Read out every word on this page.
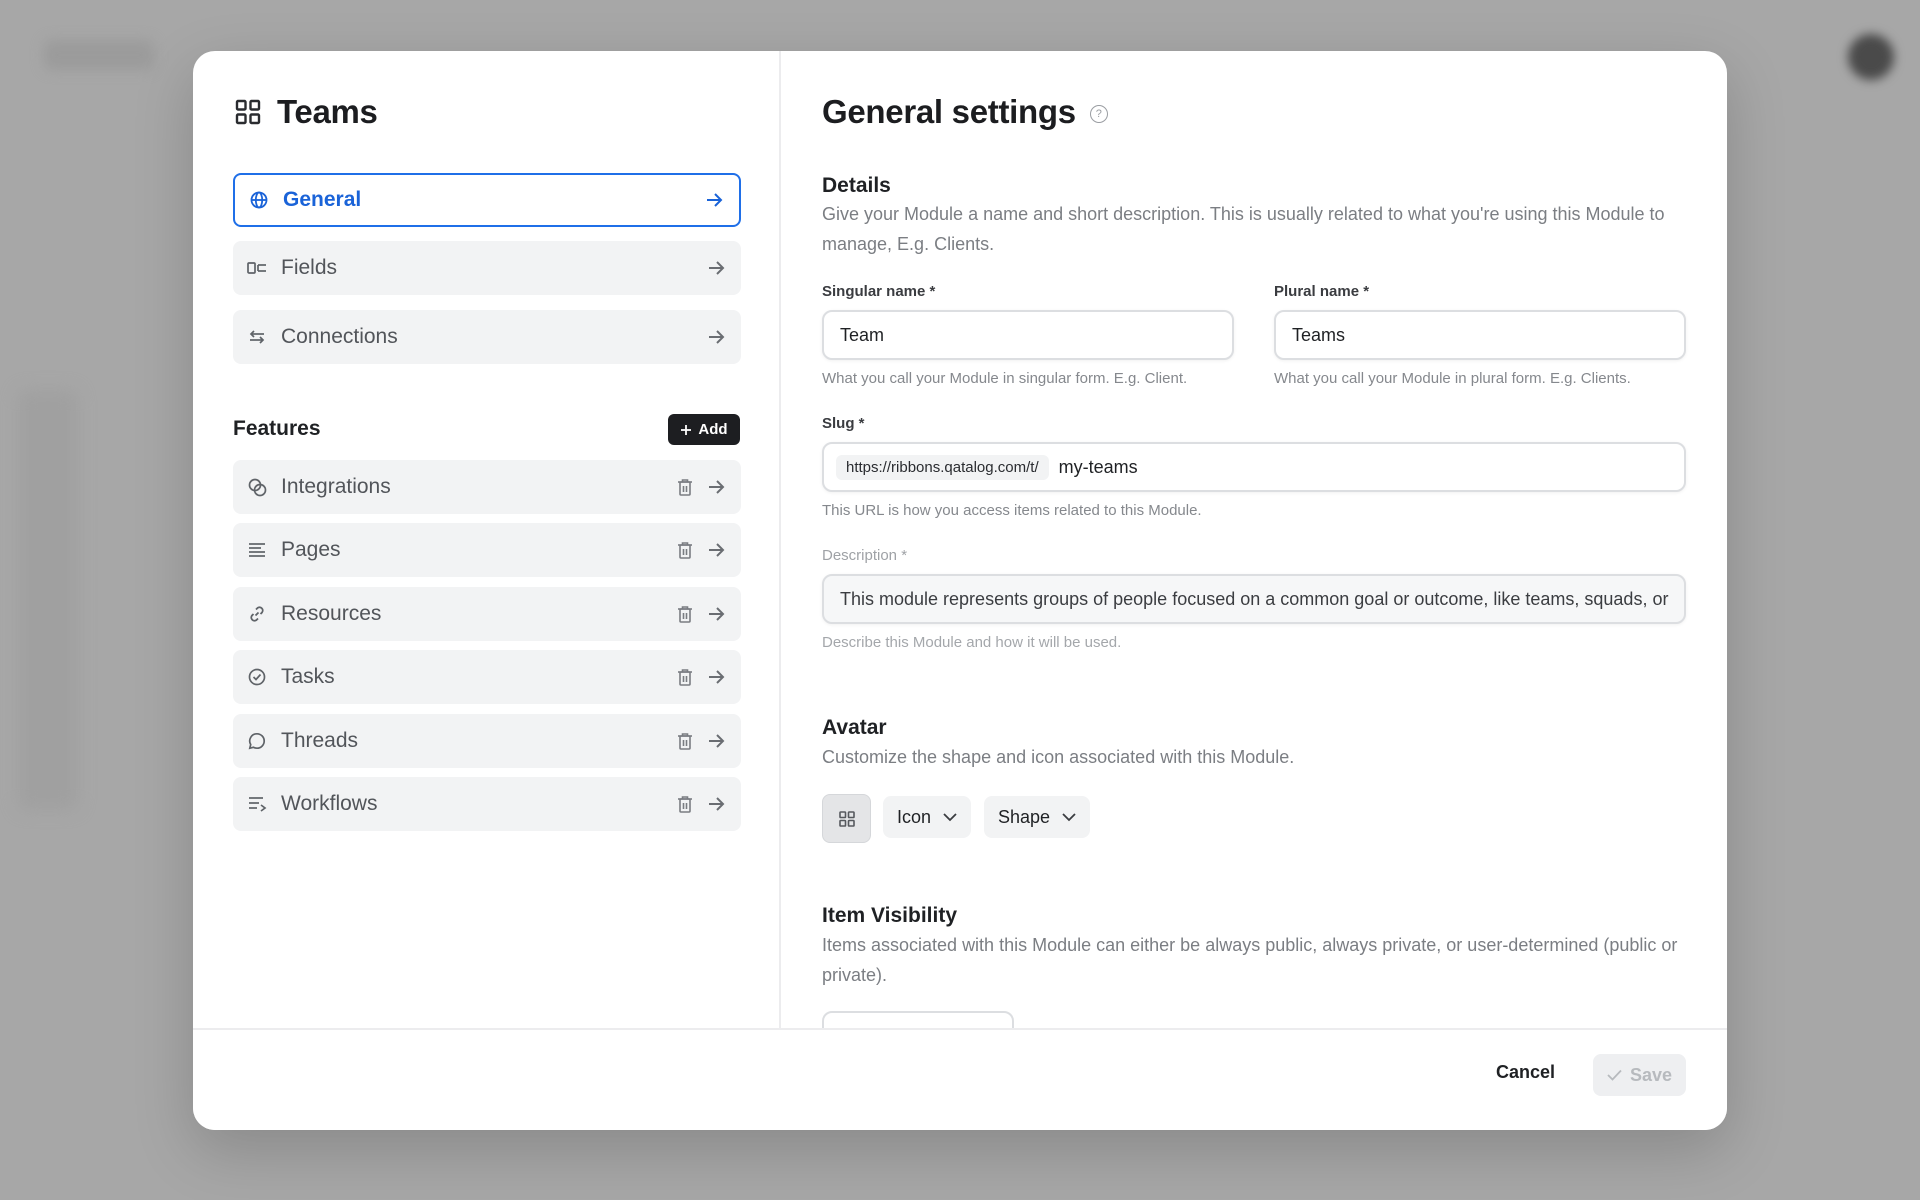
Teams
General
Fields
Connections
Features	Add
Integrations
Pages
Resources
Tasks
Threads
Workflows
General settings	?
Details
Give your Module a name and short description. This is usually related to what you're using this Module to manage, E.g. Clients.
Singular name *
Team
What you call your Module in singular form. E.g. Client.
Plural name *
Teams
What you call your Module in plural form. E.g. Clients.
Slug *
https://ribbons.qatalog.com/t/	my-teams
This URL is how you access items related to this Module.
Description *
This module represents groups of people focused on a common goal or outcome, like teams, squads, or
Describe this Module and how it will be used.
Avatar
Customize the shape and icon associated with this Module.
Icon	Shape
Item Visibility
Items associated with this Module can either be always public, always private, or user-determined (public or private).
Cancel	Save
